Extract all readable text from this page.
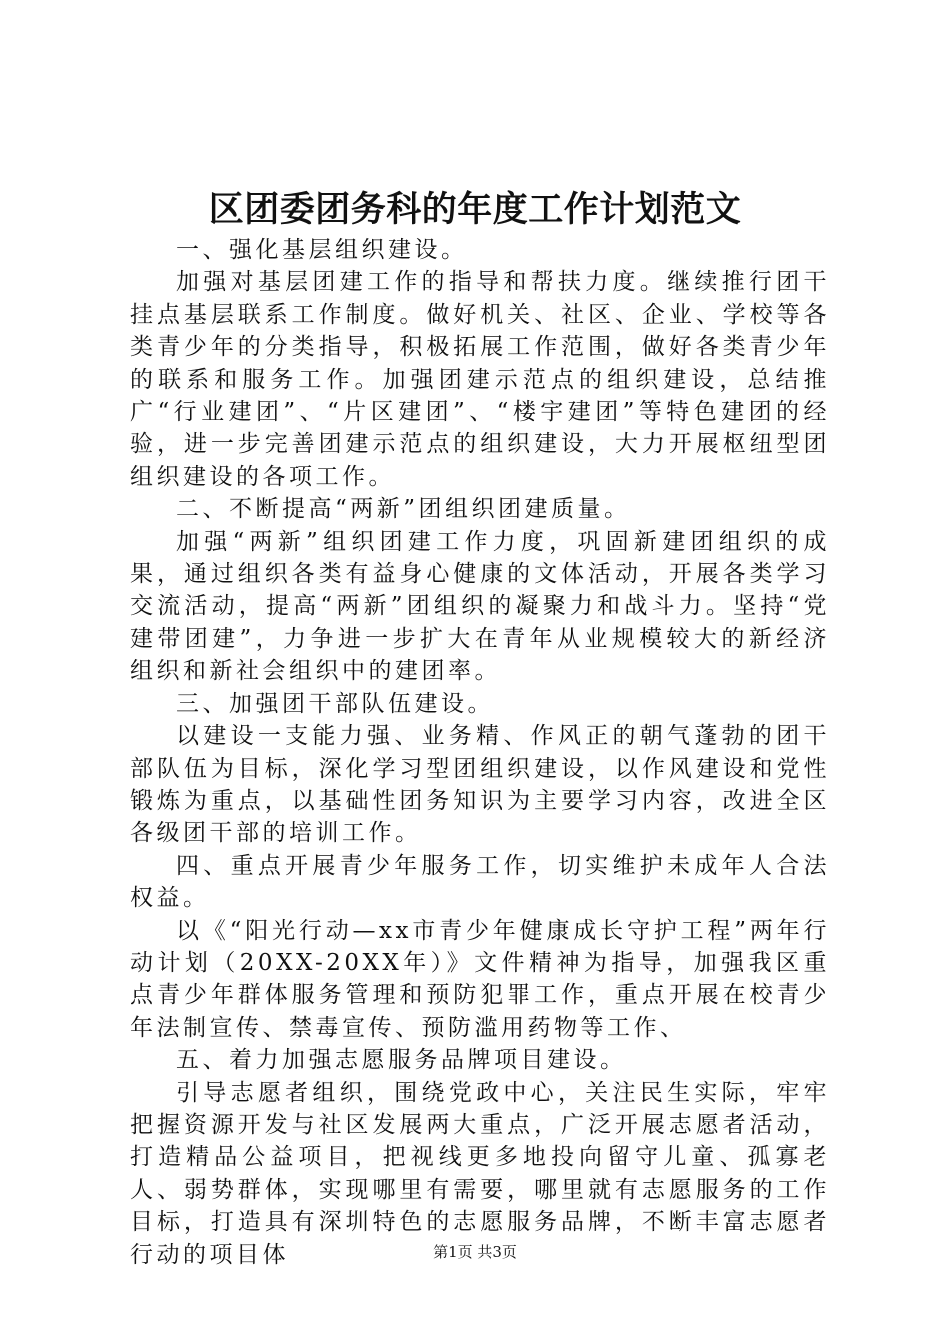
区团委团务科的年度工作计划范文

一、强化基层组织建设。

加强对基层团建工作的指导和帮扶力度。继续推行团干挂点基层联系工作制度。做好机关、社区、企业、学校等各类青少年的分类指导，积极拓展工作范围，做好各类青少年的联系和服务工作。加强团建示范点的组织建设，总结推广“行业建团”、“片区建团”、“楼宇建团”等特色建团的经验，进一步完善团建示范点的组织建设，大力开展枢纽型团组织建设的各项工作。

二、不断提高“两新”团组织团建质量。

加强“两新”组织团建工作力度，巩固新建团组织的成果，通过组织各类有益身心健康的文体活动，开展各类学习交流活动，提高“两新”团组织的凝聚力和战斗力。坚持“党建带团建”，力争进一步扩大在青年从业规模较大的新经济组织和新社会组织中的建团率。

三、加强团干部队伍建设。

以建设一支能力强、业务精、作风正的朝气蓬勃的团干部队伍为目标，深化学习型团组织建设，以作风建设和党性锻炼为重点，以基础性团务知识为主要学习内容，改进全区各级团干部的培训工作。

四、重点开展青少年服务工作，切实维护未成年人合法权益。

以《“阳光行动—xx市青少年健康成长守护工程”两年行动计划（20XX-20XX年）》文件精神为指导，加强我区重点青少年群体服务管理和预防犯罪工作，重点开展在校青少年法制宣传、禁毒宣传、预防滥用药物等工作、

五、着力加强志愿服务品牌项目建设。

引导志愿者组织，围绕党政中心，关注民生实际，牢牢把握资源开发与社区发展两大重点，广泛开展志愿者活动，打造精品公益项目，把视线更多地投向留守儿童、孤寡老人、弱势群体，实现哪里有需要，哪里就有志愿服务的工作目标，打造具有深圳特色的志愿服务品牌，不断丰富志愿者行动的项目体	第1页 共3页
